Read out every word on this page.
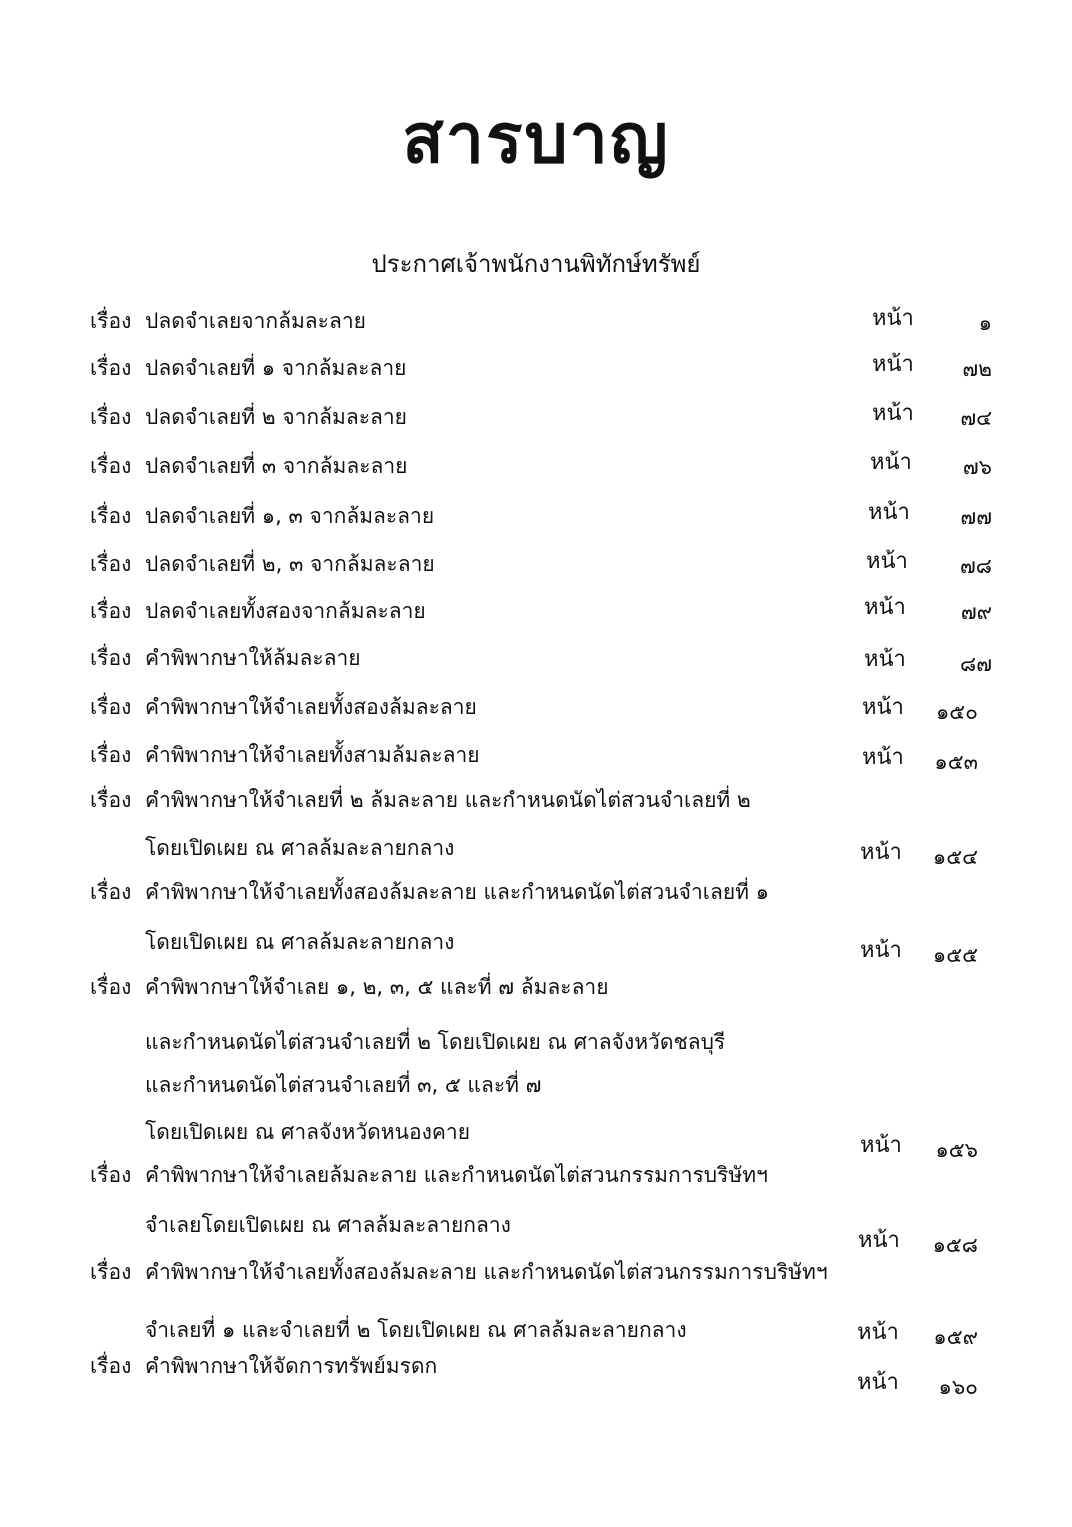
สารบาญ
ประกาศเจ้าพนักงานพิทักษ์ทรัพย์
เรื่อง ปลดจำเลยจากล้มละลาย	หน้า	๑
เรื่อง ปลดจำเลยที่ ๑ จากล้มละลาย	หน้า	๗๒
เรื่อง ปลดจำเลยที่ ๒ จากล้มละลาย	หน้า	๗๔
เรื่อง ปลดจำเลยที่ ๓ จากล้มละลาย	หน้า	๗๖
เรื่อง ปลดจำเลยที่ ๑, ๓ จากล้มละลาย	หน้า	๗๗
เรื่อง ปลดจำเลยที่ ๒, ๓ จากล้มละลาย	หน้า	๗๘
เรื่อง ปลดจำเลยทั้งสองจากล้มละลาย	หน้า	๗๙
เรื่อง คำพิพากษาให้ล้มละลาย	หน้า	๘๗
เรื่อง คำพิพากษาให้จำเลยทั้งสองล้มละลาย	หน้า	๑๕๐
เรื่อง คำพิพากษาให้จำเลยทั้งสามล้มละลาย	หน้า	๑๕๓
เรื่อง คำพิพากษาให้จำเลยที่ ๒ ล้มละลาย และกำหนดนัดไต่สวนจำเลยที่ ๒
โดยเปิดเผย ณ ศาลล้มละลายกลาง	หน้า	๑๕๔
เรื่อง คำพิพากษาให้จำเลยทั้งสองล้มละลาย และกำหนดนัดไต่สวนจำเลยที่ ๑
โดยเปิดเผย ณ ศาลล้มละลายกลาง	หน้า	๑๕๕
เรื่อง คำพิพากษาให้จำเลย ๑, ๒, ๓, ๕ และที่ ๗ ล้มละลาย
และกำหนดนัดไต่สวนจำเลยที่ ๒ โดยเปิดเผย ณ ศาลจังหวัดชลบุรี
และกำหนดนัดไต่สวนจำเลยที่ ๓, ๕ และที่ ๗
โดยเปิดเผย ณ ศาลจังหวัดหนองคาย
หน้า	๑๕๖
เรื่อง คำพิพากษาให้จำเลยล้มละลาย และกำหนดนัดไต่สวนกรรมการบริษัทฯ
จำเลยโดยเปิดเผย ณ ศาลล้มละลายกลาง
หน้า	๑๕๘
เรื่อง คำพิพากษาให้จำเลยทั้งสองล้มละลาย และกำหนดนัดไต่สวนกรรมการบริษัทฯ
จำเลยที่ ๑ และจำเลยที่ ๒ โดยเปิดเผย ณ ศาลล้มละลายกลาง	หน้า	๑๕๙
เรื่อง คำพิพากษาให้จัดการทรัพย์มรดก
หน้า	๑๖๐
